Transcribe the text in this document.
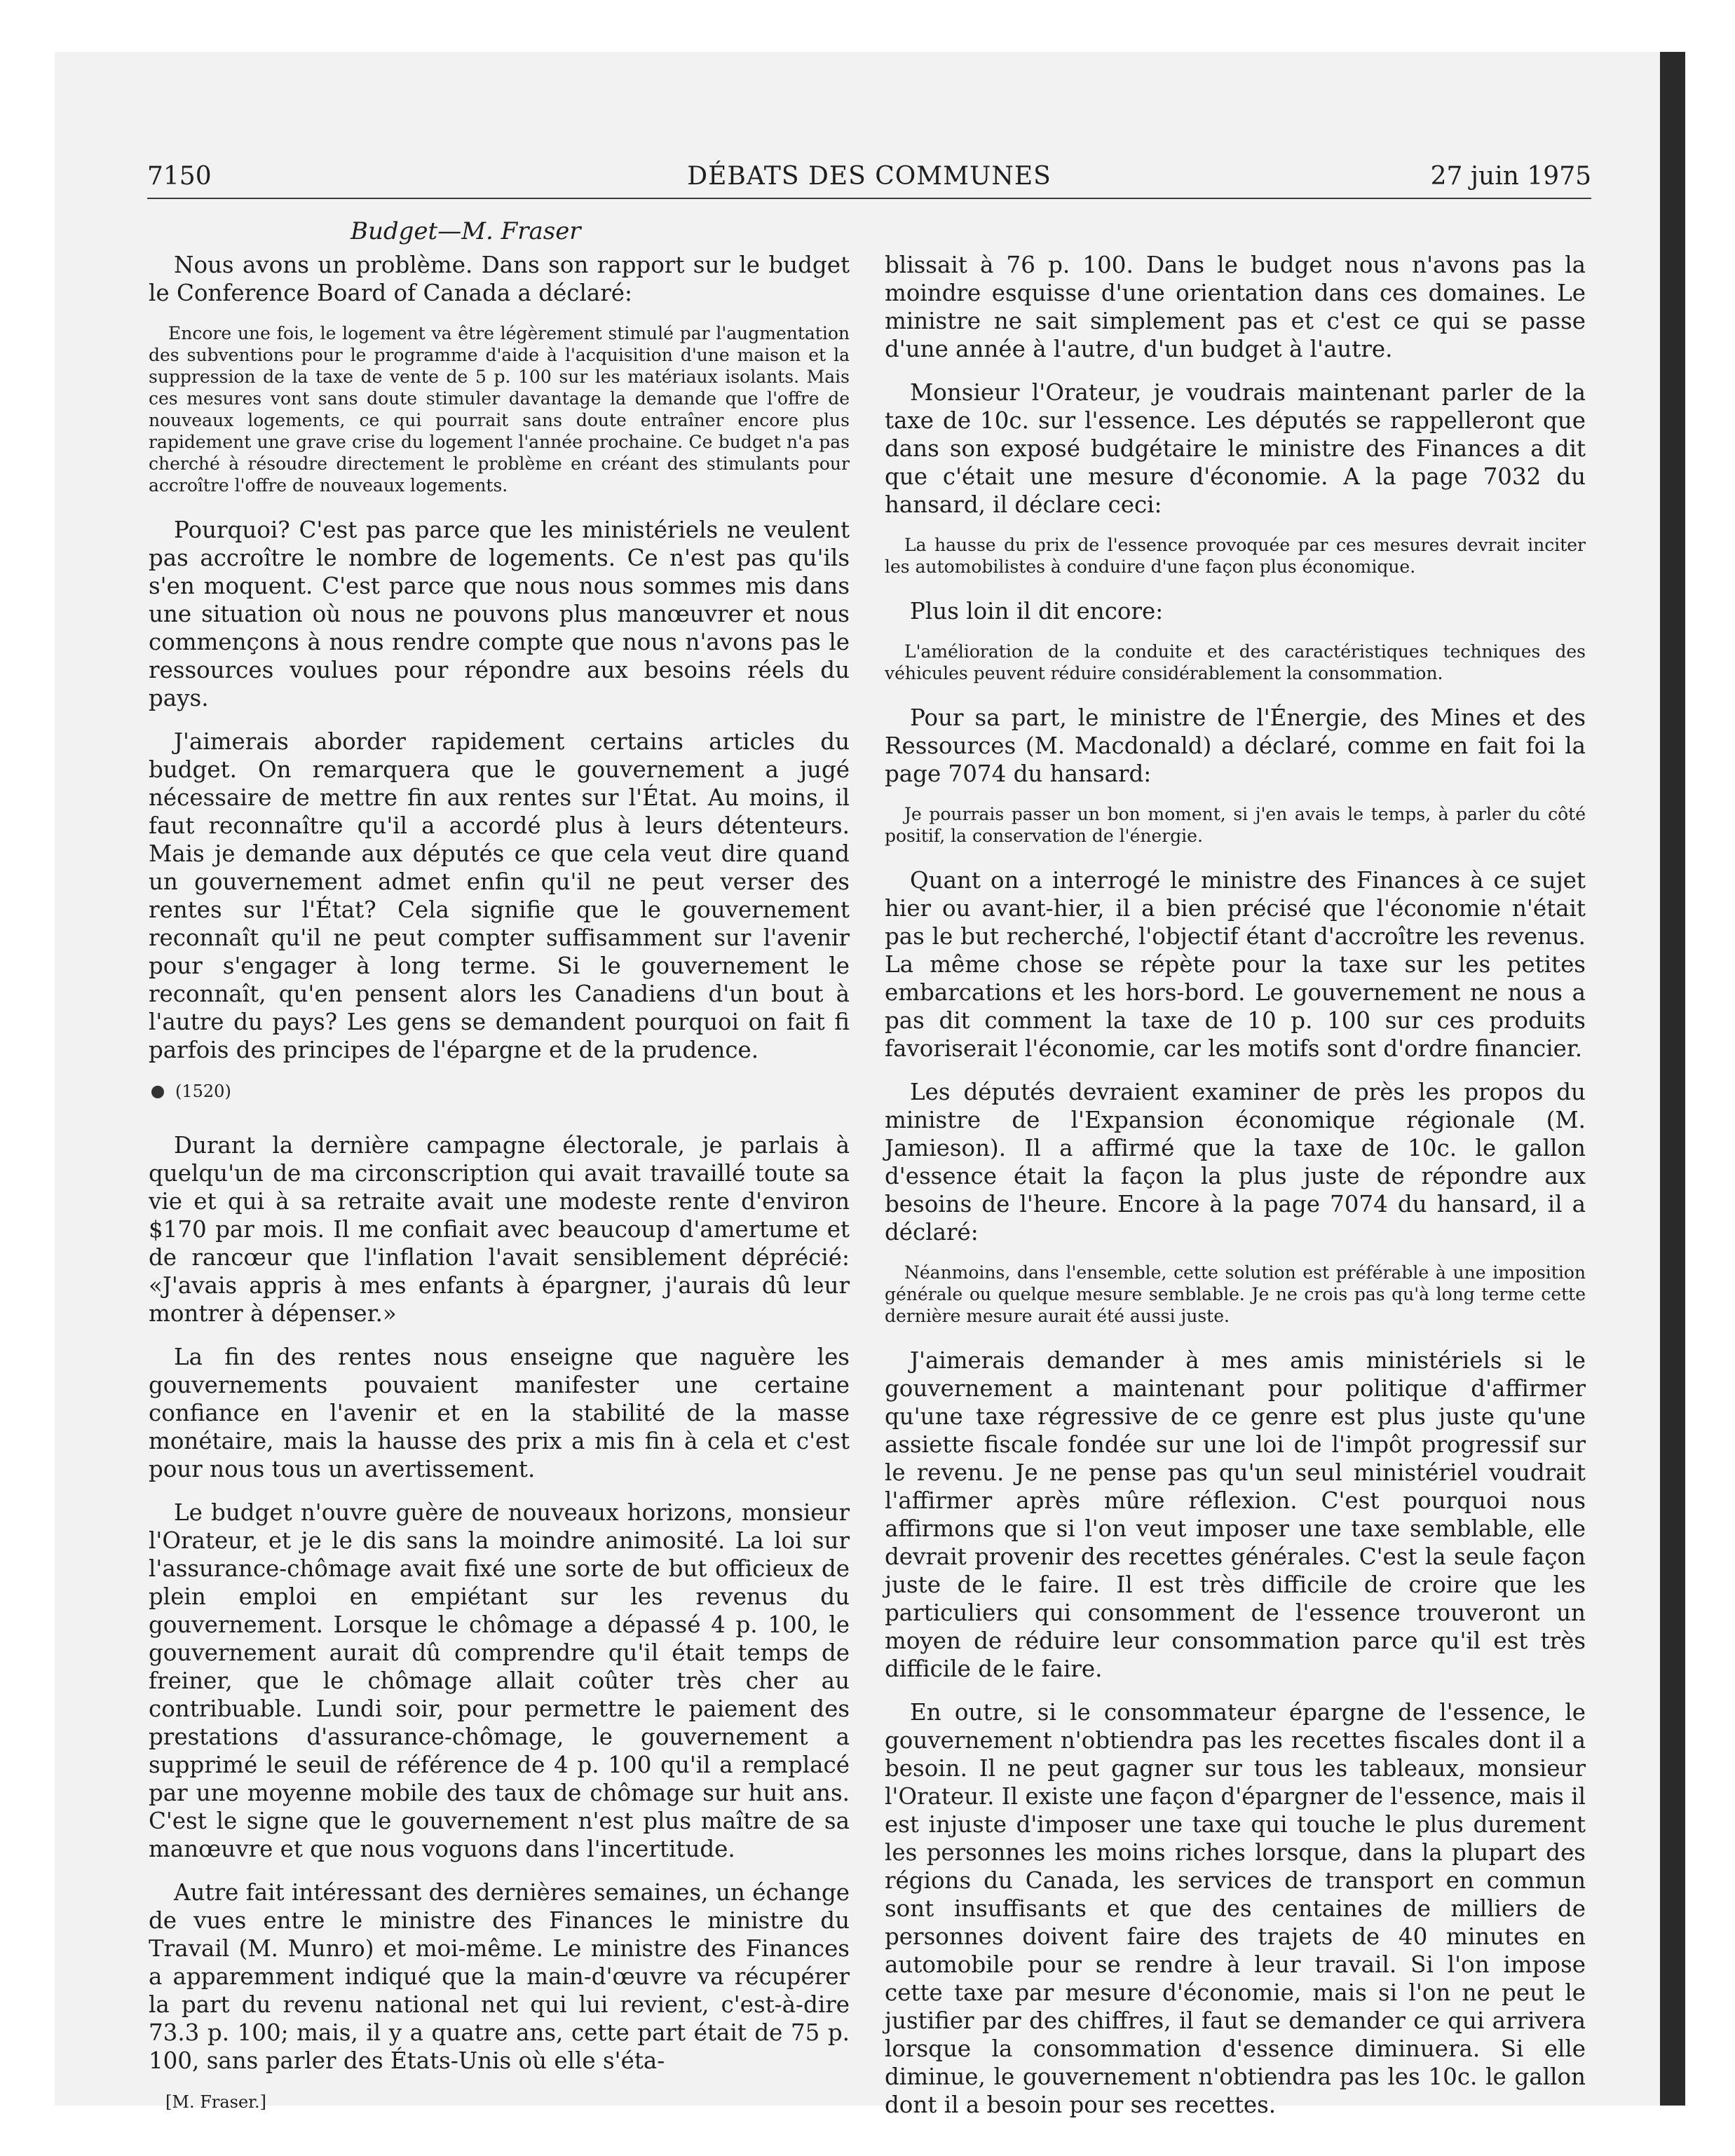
7150	DÉBATS DES COMMUNES	27 juin 1975
Budget—M. Fraser

Nous avons un problème. Dans son rapport sur le budget le Conference Board of Canada a déclaré:

Encore une fois, le logement va être légèrement stimulé par l'augmentation des subventions pour le programme d'aide à l'acquisition d'une maison et la suppression de la taxe de vente de 5 p. 100 sur les matériaux isolants. Mais ces mesures vont sans doute stimuler davantage la demande que l'offre de nouveaux logements, ce qui pourrait sans doute entraîner encore plus rapidement une grave crise du logement l'année prochaine. Ce budget n'a pas cherché à résoudre directement le problème en créant des stimulants pour accroître l'offre de nouveaux logements.

Pourquoi? C'est pas parce que les ministériels ne veulent pas accroître le nombre de logements. Ce n'est pas qu'ils s'en moquent. C'est parce que nous nous sommes mis dans une situation où nous ne pouvons plus manœuvrer et nous commençons à nous rendre compte que nous n'avons pas le ressources voulues pour répondre aux besoins réels du pays.

J'aimerais aborder rapidement certains articles du budget. On remarquera que le gouvernement a jugé nécessaire de mettre fin aux rentes sur l'État. Au moins, il faut reconnaître qu'il a accordé plus à leurs détenteurs. Mais je demande aux députés ce que cela veut dire quand un gouvernement admet enfin qu'il ne peut verser des rentes sur l'État? Cela signifie que le gouvernement reconnaît qu'il ne peut compter suffisamment sur l'avenir pour s'engager à long terme. Si le gouvernement le reconnaît, qu'en pensent alors les Canadiens d'un bout à l'autre du pays? Les gens se demandent pourquoi on fait fi parfois des principes de l'épargne et de la prudence.

(1520)

Durant la dernière campagne électorale, je parlais à quelqu'un de ma circonscription qui avait travaillé toute sa vie et qui à sa retraite avait une modeste rente d'environ $170 par mois. Il me confiait avec beaucoup d'amertume et de rancœur que l'inflation l'avait sensiblement déprécié: «J'avais appris à mes enfants à épargner, j'aurais dû leur montrer à dépenser.»

La fin des rentes nous enseigne que naguère les gouvernements pouvaient manifester une certaine confiance en l'avenir et en la stabilité de la masse monétaire, mais la hausse des prix a mis fin à cela et c'est pour nous tous un avertissement.

Le budget n'ouvre guère de nouveaux horizons, monsieur l'Orateur, et je le dis sans la moindre animosité. La loi sur l'assurance-chômage avait fixé une sorte de but officieux de plein emploi en empiétant sur les revenus du gouvernement. Lorsque le chômage a dépassé 4 p. 100, le gouvernement aurait dû comprendre qu'il était temps de freiner, que le chômage allait coûter très cher au contribuable. Lundi soir, pour permettre le paiement des prestations d'assurance-chômage, le gouvernement a supprimé le seuil de référence de 4 p. 100 qu'il a remplacé par une moyenne mobile des taux de chômage sur huit ans. C'est le signe que le gouvernement n'est plus maître de sa manœuvre et que nous voguons dans l'incertitude.

Autre fait intéressant des dernières semaines, un échange de vues entre le ministre des Finances le ministre du Travail (M. Munro) et moi-même. Le ministre des Finances a apparemment indiqué que la main-d'œuvre va récupérer la part du revenu national net qui lui revient, c'est-à-dire 73.3 p. 100; mais, il y a quatre ans, cette part était de 75 p. 100, sans parler des États-Unis où elle s'éta-

[M. Fraser.]

blissait à 76 p. 100. Dans le budget nous n'avons pas la moindre esquisse d'une orientation dans ces domaines. Le ministre ne sait simplement pas et c'est ce qui se passe d'une année à l'autre, d'un budget à l'autre.

Monsieur l'Orateur, je voudrais maintenant parler de la taxe de 10c. sur l'essence. Les députés se rappelleront que dans son exposé budgétaire le ministre des Finances a dit que c'était une mesure d'économie. A la page 7032 du hansard, il déclare ceci:

La hausse du prix de l'essence provoquée par ces mesures devrait inciter les automobilistes à conduire d'une façon plus économique.

Plus loin il dit encore:

L'amélioration de la conduite et des caractéristiques techniques des véhicules peuvent réduire considérablement la consommation.

Pour sa part, le ministre de l'Énergie, des Mines et des Ressources (M. Macdonald) a déclaré, comme en fait foi la page 7074 du hansard:

Je pourrais passer un bon moment, si j'en avais le temps, à parler du côté positif, la conservation de l'énergie.

Quant on a interrogé le ministre des Finances à ce sujet hier ou avant-hier, il a bien précisé que l'économie n'était pas le but recherché, l'objectif étant d'accroître les revenus. La même chose se répète pour la taxe sur les petites embarcations et les hors-bord. Le gouvernement ne nous a pas dit comment la taxe de 10 p. 100 sur ces produits favoriserait l'économie, car les motifs sont d'ordre financier.

Les députés devraient examiner de près les propos du ministre de l'Expansion économique régionale (M. Jamieson). Il a affirmé que la taxe de 10c. le gallon d'essence était la façon la plus juste de répondre aux besoins de l'heure. Encore à la page 7074 du hansard, il a déclaré:

Néanmoins, dans l'ensemble, cette solution est préférable à une imposition générale ou quelque mesure semblable. Je ne crois pas qu'à long terme cette dernière mesure aurait été aussi juste.

J'aimerais demander à mes amis ministériels si le gouvernement a maintenant pour politique d'affirmer qu'une taxe régressive de ce genre est plus juste qu'une assiette fiscale fondée sur une loi de l'impôt progressif sur le revenu. Je ne pense pas qu'un seul ministériel voudrait l'affirmer après mûre réflexion. C'est pourquoi nous affirmons que si l'on veut imposer une taxe semblable, elle devrait provenir des recettes générales. C'est la seule façon juste de le faire. Il est très difficile de croire que les particuliers qui consomment de l'essence trouveront un moyen de réduire leur consommation parce qu'il est très difficile de le faire.

En outre, si le consommateur épargne de l'essence, le gouvernement n'obtiendra pas les recettes fiscales dont il a besoin. Il ne peut gagner sur tous les tableaux, monsieur l'Orateur. Il existe une façon d'épargner de l'essence, mais il est injuste d'imposer une taxe qui touche le plus durement les personnes les moins riches lorsque, dans la plupart des régions du Canada, les services de transport en commun sont insuffisants et que des centaines de milliers de personnes doivent faire des trajets de 40 minutes en automobile pour se rendre à leur travail. Si l'on impose cette taxe par mesure d'économie, mais si l'on ne peut le justifier par des chiffres, il faut se demander ce qui arrivera lorsque la consommation d'essence diminuera. Si elle diminue, le gouvernement n'obtiendra pas les 10c. le gallon dont il a besoin pour ses recettes.
